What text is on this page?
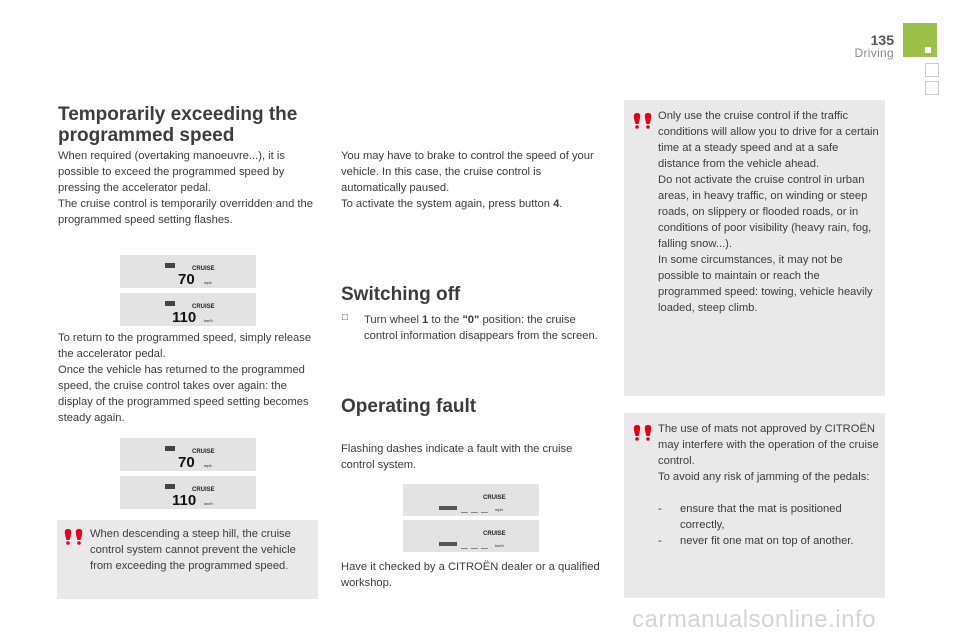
135
Driving
Temporarily exceeding the programmed speed

When required (overtaking manoeuvre...), it is possible to exceed the programmed speed by pressing the accelerator pedal.
The cruise control is temporarily overridden and the programmed speed setting flashes.

CRUISE
70 mph
CRUISE
110 km/h

To return to the programmed speed, simply release the accelerator pedal.
Once the vehicle has returned to the programmed speed, the cruise control takes over again: the display of the programmed speed setting becomes steady again.

CRUISE
70 mph
CRUISE
110 km/h

When descending a steep hill, the cruise control system cannot prevent the vehicle from exceeding the programmed speed.

You may have to brake to control the speed of your vehicle. In this case, the cruise control is automatically paused.
To activate the system again, press button 4.

Switching off
□ Turn wheel 1 to the "0" position: the cruise control information disappears from the screen.

Operating fault

Flashing dashes indicate a fault with the cruise control system.

CRUISE
_ _ _ mph
CRUISE
_ _ _ km/h

Have it checked by a CITROËN dealer or a qualified workshop.

Only use the cruise control if the traffic conditions will allow you to drive for a certain time at a steady speed and at a safe distance from the vehicle ahead.
Do not activate the cruise control in urban areas, in heavy traffic, on winding or steep roads, on slippery or flooded roads, or in conditions of poor visibility (heavy rain, fog, falling snow...).
In some circumstances, it may not be possible to maintain or reach the programmed speed: towing, vehicle heavily loaded, steep climb.

The use of mats not approved by CITROËN may interfere with the operation of the cruise control.
To avoid any risk of jamming of the pedals:

-	ensure that the mat is positioned correctly,
-	never fit one mat on top of another.
carmanualsonline.info
